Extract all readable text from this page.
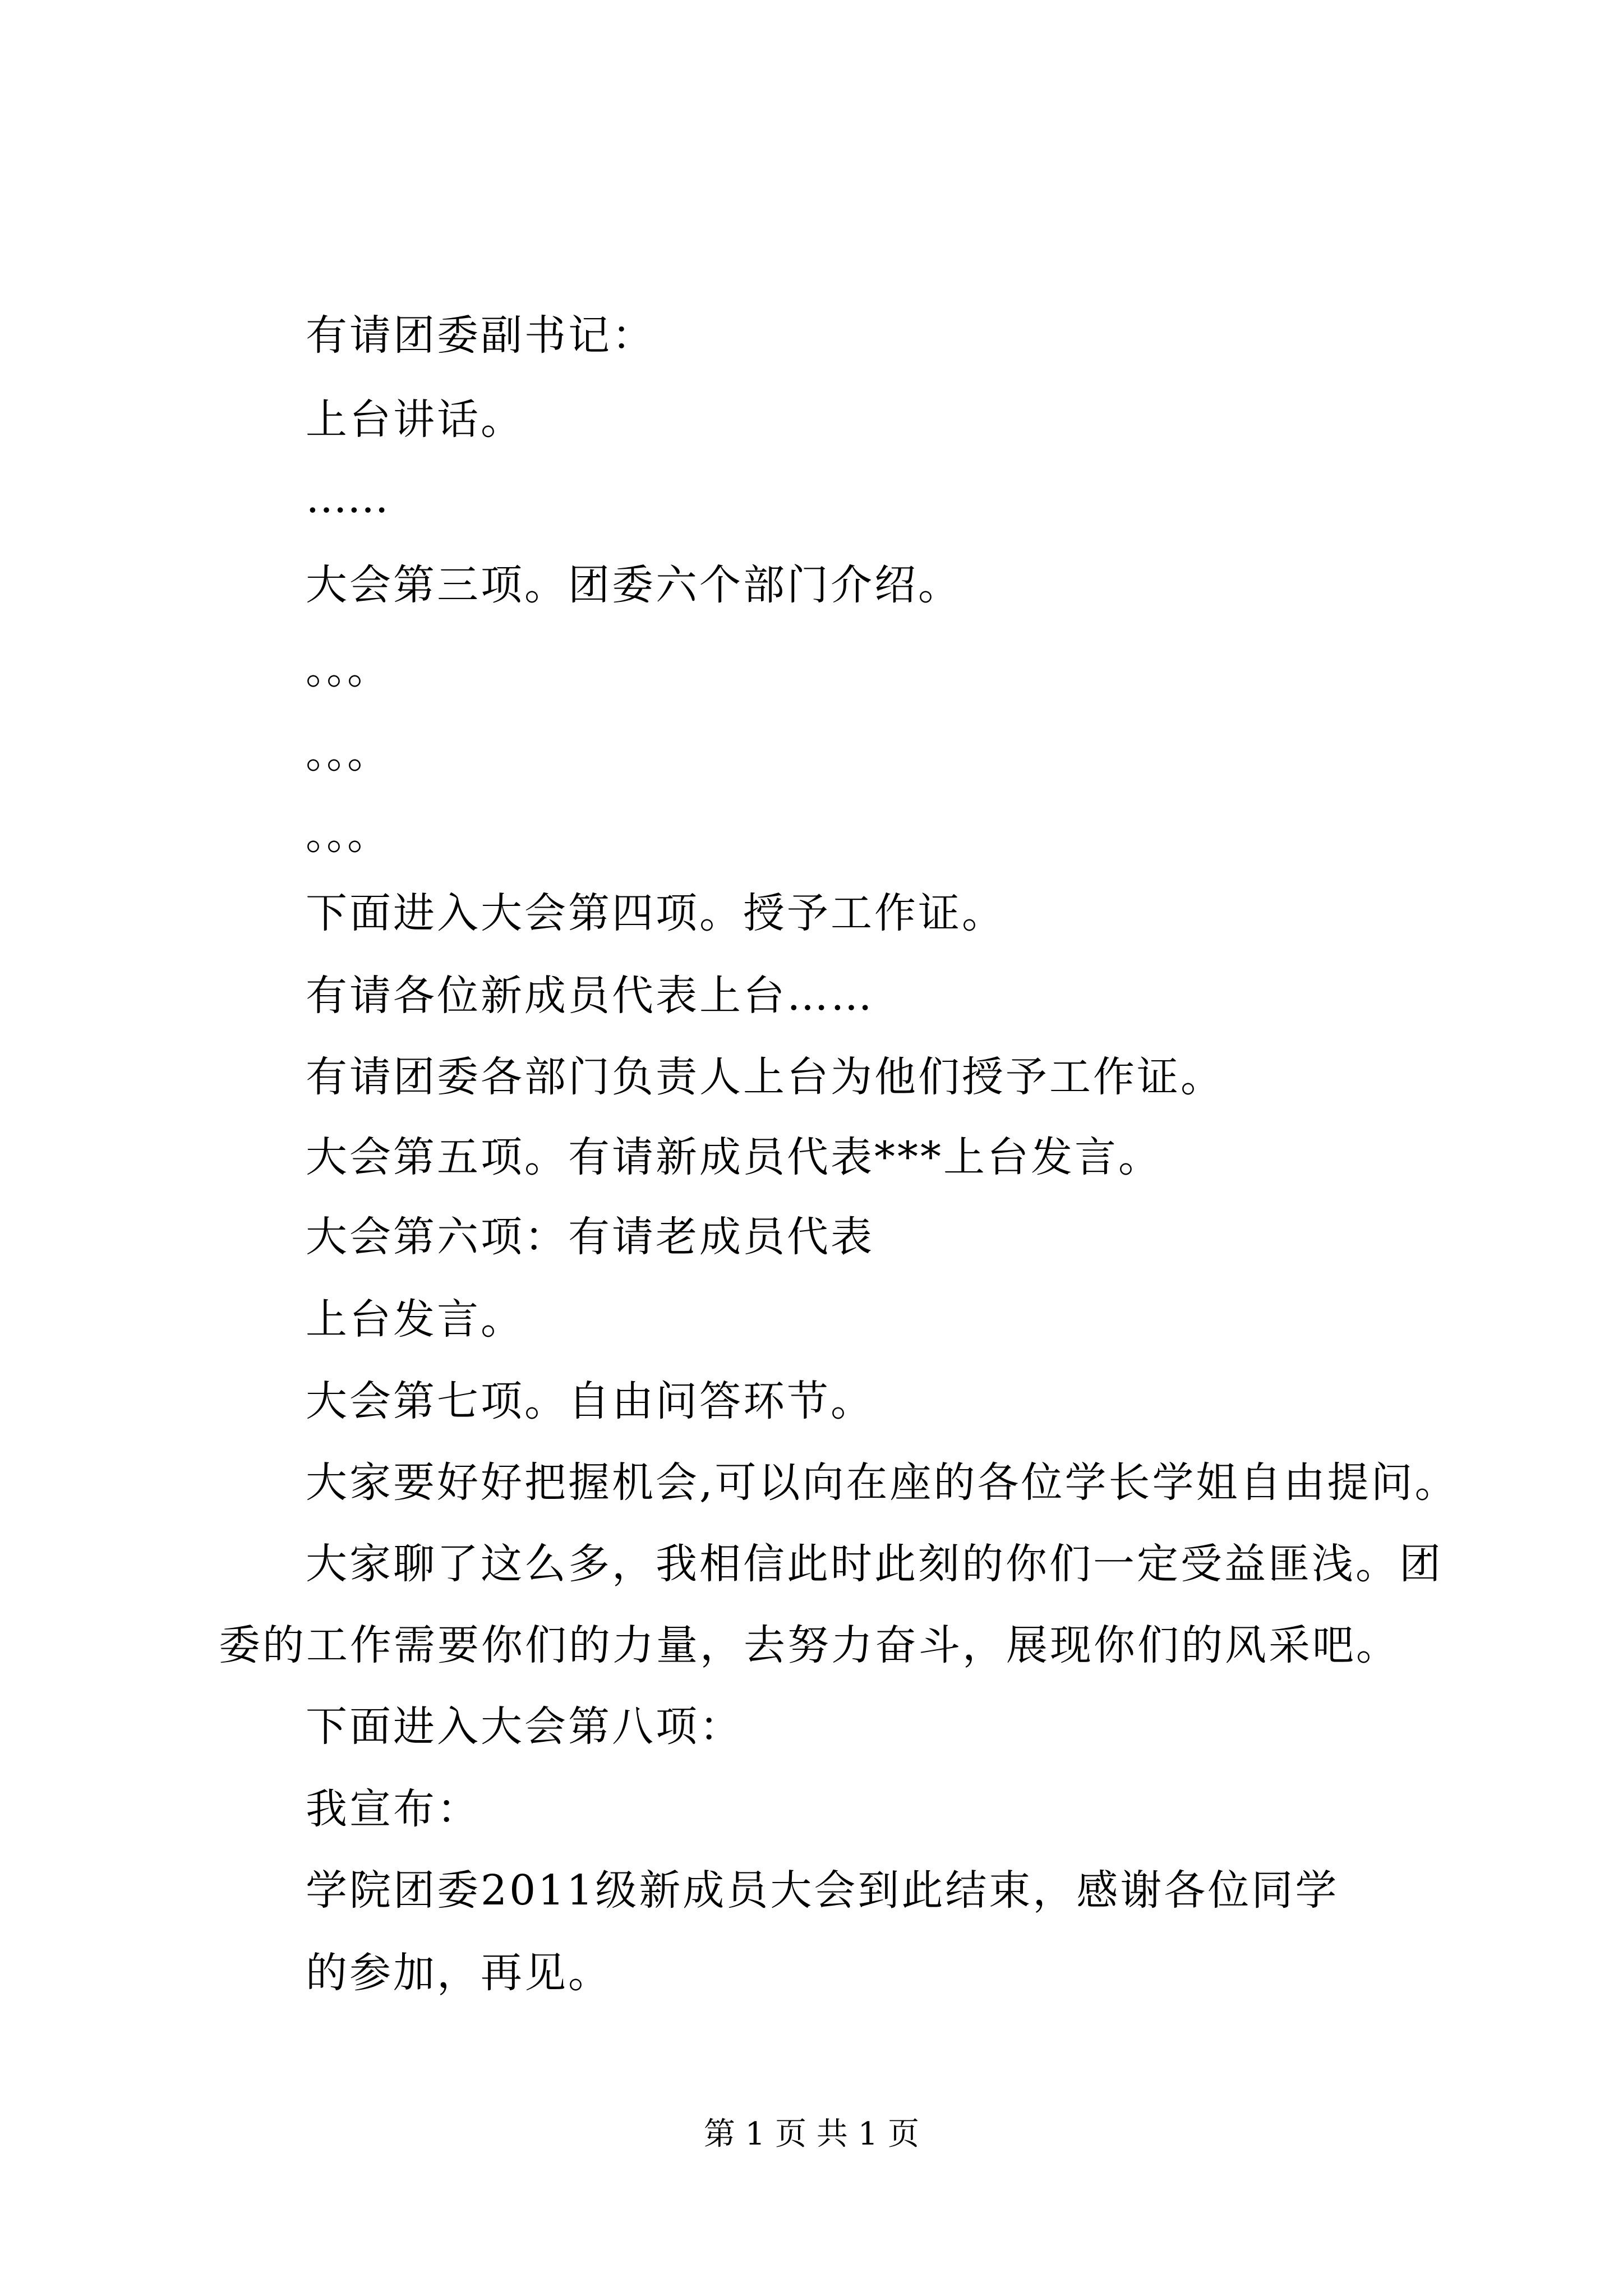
有请团委副书记：
上台讲话。
……
大会第三项。团委六个部门介绍。
。。。
。。。
。。。
下面进入大会第四项。授予工作证。
有请各位新成员代表上台……
有请团委各部门负责人上台为他们授予工作证。
大会第五项。有请新成员代表***上台发言。
大会第六项：有请老成员代表
上台发言。
大会第七项。自由问答环节。
大家要好好把握机会,可以向在座的各位学长学姐自由提问。
大家聊了这么多，我相信此时此刻的你们一定受益匪浅。团
委的工作需要你们的力量，去努力奋斗，展现你们的风采吧。
下面进入大会第八项：
我宣布：
学院团委2011级新成员大会到此结束，感谢各位同学
的参加，再见。
第 1 页 共 1 页
